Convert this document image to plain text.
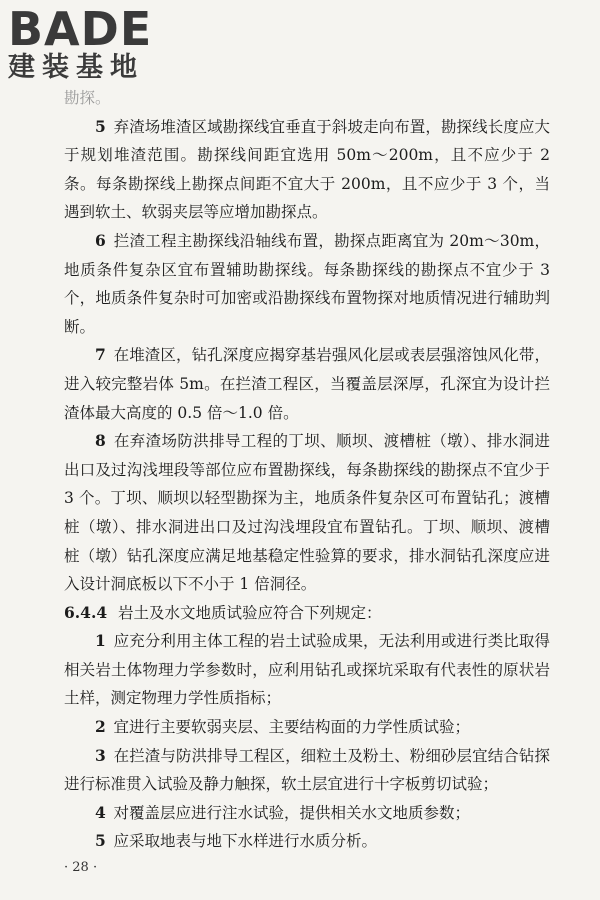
BADE
建装基地

勘探。

5 弃渣场堆渣区域勘探线宜垂直于斜坡走向布置，勘探线长度应大于规划堆渣范围。勘探线间距宜选用 50m～200m，且不应少于 2 条。每条勘探线上勘探点间距不宜大于 200m，且不应少于 3 个，当遇到软土、软弱夹层等应增加勘探点。

6 拦渣工程主勘探线沿轴线布置，勘探点距离宜为 20m～30m，地质条件复杂区宜布置辅助勘探线。每条勘探线的勘探点不宜少于 3 个，地质条件复杂时可加密或沿勘探线布置物探对地质情况进行辅助判断。

7 在堆渣区，钻孔深度应揭穿基岩强风化层或表层强溶蚀风化带，进入较完整岩体 5m。在拦渣工程区，当覆盖层深厚，孔深宜为设计拦渣体最大高度的 0.5 倍～1.0 倍。

8 在弃渣场防洪排导工程的丁坝、顺坝、渡槽桩（墩）、排水洞进出口及过沟浅埋段等部位应布置勘探线，每条勘探线的勘探点不宜少于 3 个。丁坝、顺坝以轻型勘探为主，地质条件复杂区可布置钻孔；渡槽桩（墩）、排水洞进出口及过沟浅埋段宜布置钻孔。丁坝、顺坝、渡槽桩（墩）钻孔深度应满足地基稳定性验算的要求，排水洞钻孔深度应进入设计洞底板以下不小于 1 倍洞径。

6.4.4 岩土及水文地质试验应符合下列规定：

1 应充分利用主体工程的岩土试验成果，无法利用或进行类比取得相关岩土体物理力学参数时，应利用钻孔或探坑采取有代表性的原状岩土样，测定物理力学性质指标；

2 宜进行主要软弱夹层、主要结构面的力学性质试验；

3 在拦渣与防洪排导工程区，细粒土及粉土、粉细砂层宜结合钻探进行标准贯入试验及静力触探，软土层宜进行十字板剪切试验；

4 对覆盖层应进行注水试验，提供相关水文地质参数；

5 应采取地表与地下水样进行水质分析。

· 28 ·
